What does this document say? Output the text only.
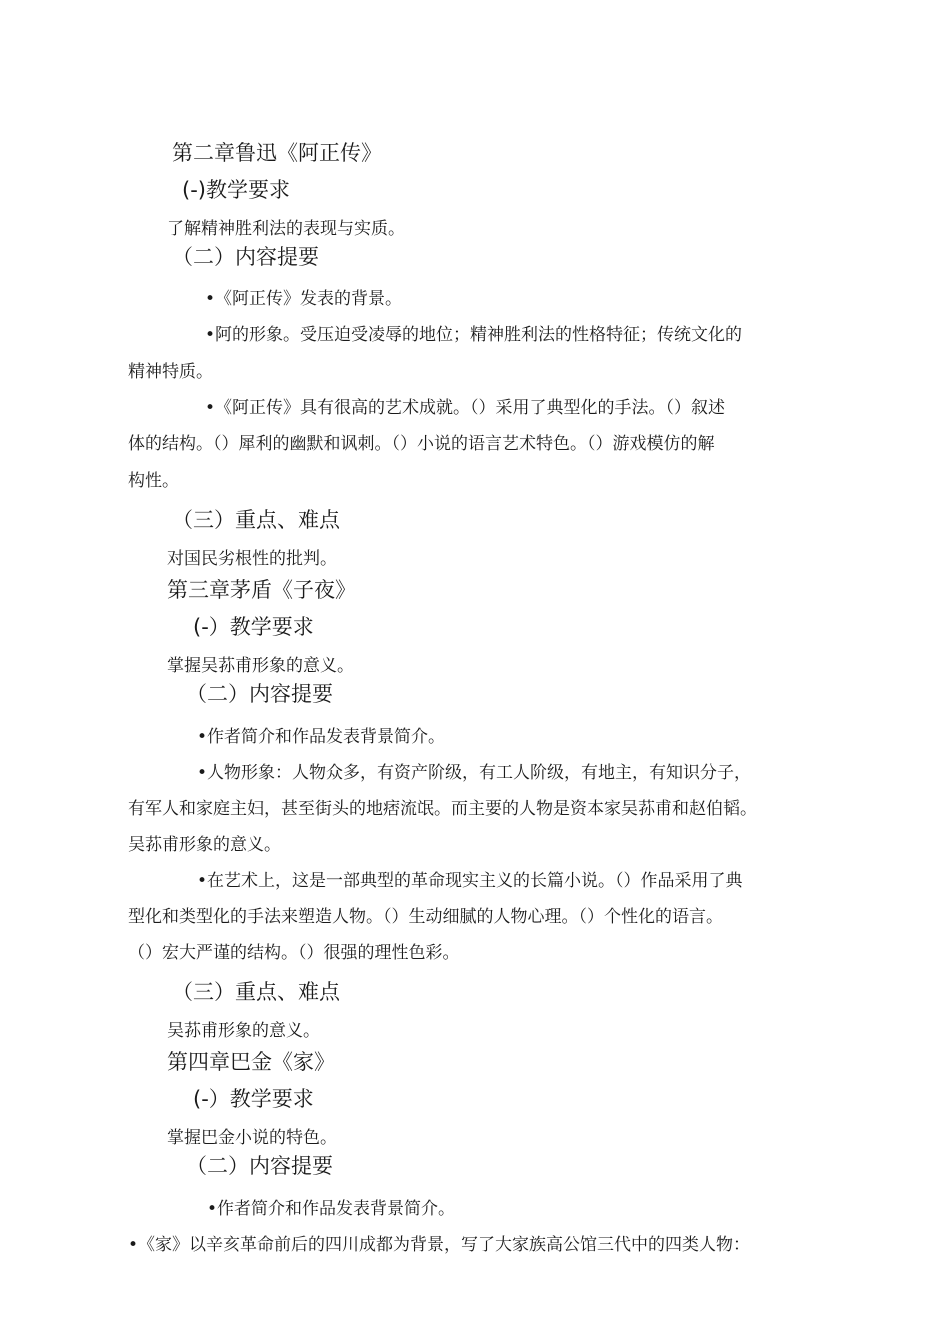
第二章鲁迅《阿正传》
(-)教学要求
了解精神胜利法的表现与实质。
（二）内容提要
•《阿正传》发表的背景。
•阿的形象。受压迫受凌辱的地位；精神胜利法的性格特征；传统文化的
精神特质。
•《阿正传》具有很高的艺术成就。（）采用了典型化的手法。（）叙述
体的结构。（）犀利的幽默和讽刺。（）小说的语言艺术特色。（）游戏模仿的解
构性。
（三）重点、难点
对国民劣根性的批判。
第三章茅盾《子夜》
(-）教学要求
掌握吴荪甫形象的意义。
（二）内容提要
•作者简介和作品发表背景简介。
•人物形象：人物众多，有资产阶级，有工人阶级，有地主，有知识分子，
有军人和家庭主妇，甚至街头的地痞流氓。而主要的人物是资本家吴荪甫和赵伯韬。
吴荪甫形象的意义。
•在艺术上，这是一部典型的革命现实主义的长篇小说。（）作品采用了典
型化和类型化的手法来塑造人物。（）生动细腻的人物心理。（）个性化的语言。
（）宏大严谨的结构。（）很强的理性色彩。
（三）重点、难点
吴荪甫形象的意义。
第四章巴金《家》
(-）教学要求
掌握巴金小说的特色。
（二）内容提要
•作者简介和作品发表背景简介。
•《家》以辛亥革命前后的四川成都为背景，写了大家族高公馆三代中的四类人物：
